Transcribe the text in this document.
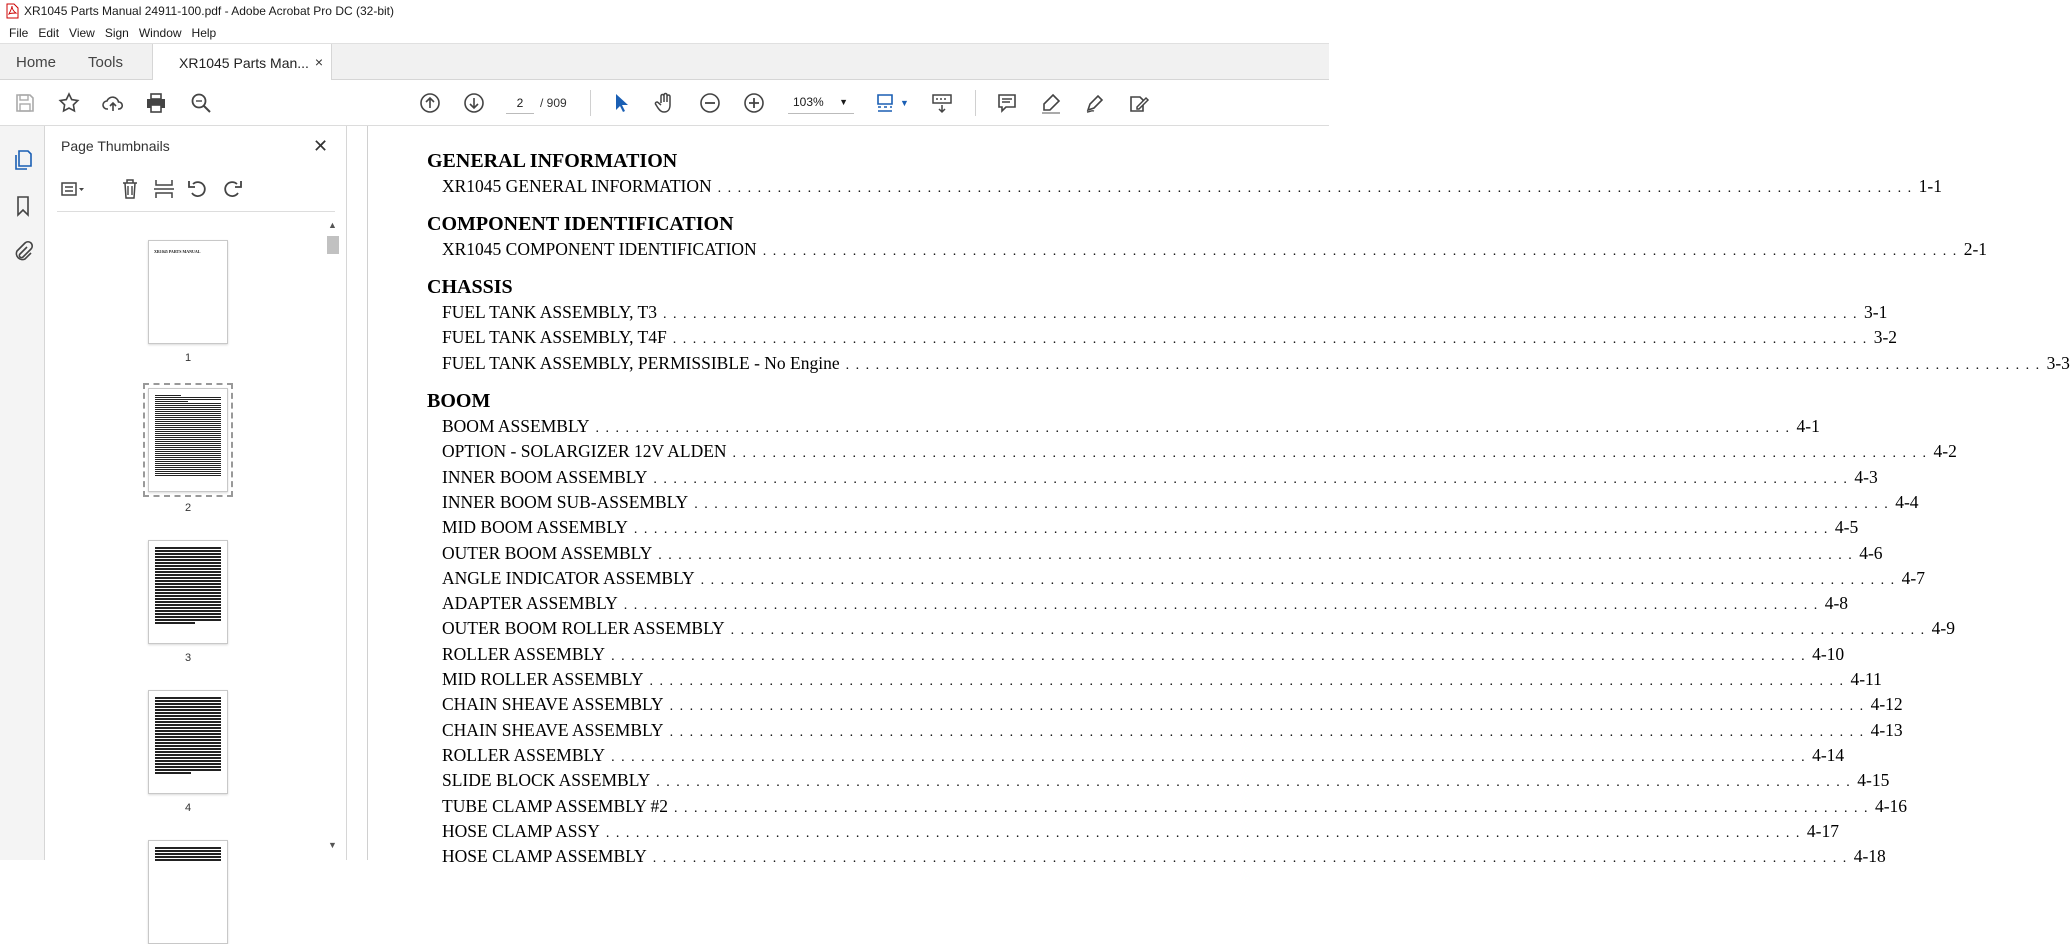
XR1045 Parts Manual 24911-100.pdf - Adobe Acrobat Pro DC (32-bit)
File Edit View Sign Window Help
Home Tools	XR1045 Parts Man... ×
2	/ 909	103% ▼	▼
Page Thumbnails	✕
XR1045 PARTS MANUAL
1
2
3
4
▲
▼
GENERAL INFORMATION
XR1045 GENERAL INFORMATION . . . . . . . . . . . . . . . . . . . . . . . . . . . . . . . . . . . . . . . . . . . . . . . . . . . . . . . . . . . . . . . . . . . . . . . . . . . . . . . . . . . . . . . . . . . . . . . . . . . . . . . . . . . . . . . . . . . . . . . . 1-1
COMPONENT IDENTIFICATION
XR1045 COMPONENT IDENTIFICATION . . . . . . . . . . . . . . . . . . . . . . . . . . . . . . . . . . . . . . . . . . . . . . . . . . . . . . . . . . . . . . . . . . . . . . . . . . . . . . . . . . . . . . . . . . . . . . . . . . . . . . . . . . . . . . . . . . . . . . . . 2-1
CHASSIS
FUEL TANK ASSEMBLY, T3 . . . . . . . . . . . . . . . . . . . . . . . . . . . . . . . . . . . . . . . . . . . . . . . . . . . . . . . . . . . . . . . . . . . . . . . . . . . . . . . . . . . . . . . . . . . . . . . . . . . . . . . . . . . . . . . . . . . . . . . . 3-1
FUEL TANK ASSEMBLY, T4F . . . . . . . . . . . . . . . . . . . . . . . . . . . . . . . . . . . . . . . . . . . . . . . . . . . . . . . . . . . . . . . . . . . . . . . . . . . . . . . . . . . . . . . . . . . . . . . . . . . . . . . . . . . . . . . . . . . . . . . . 3-2
FUEL TANK ASSEMBLY, PERMISSIBLE - No Engine . . . . . . . . . . . . . . . . . . . . . . . . . . . . . . . . . . . . . . . . . . . . . . . . . . . . . . . . . . . . . . . . . . . . . . . . . . . . . . . . . . . . . . . . . . . . . . . . . . . . . . . . . . . . . . . . . . . . . . . . 3-3
BOOM
BOOM ASSEMBLY . . . . . . . . . . . . . . . . . . . . . . . . . . . . . . . . . . . . . . . . . . . . . . . . . . . . . . . . . . . . . . . . . . . . . . . . . . . . . . . . . . . . . . . . . . . . . . . . . . . . . . . . . . . . . . . . . . . . . . . . 4-1
OPTION - SOLARGIZER 12V ALDEN . . . . . . . . . . . . . . . . . . . . . . . . . . . . . . . . . . . . . . . . . . . . . . . . . . . . . . . . . . . . . . . . . . . . . . . . . . . . . . . . . . . . . . . . . . . . . . . . . . . . . . . . . . . . . . . . . . . . . . . . 4-2
INNER BOOM ASSEMBLY . . . . . . . . . . . . . . . . . . . . . . . . . . . . . . . . . . . . . . . . . . . . . . . . . . . . . . . . . . . . . . . . . . . . . . . . . . . . . . . . . . . . . . . . . . . . . . . . . . . . . . . . . . . . . . . . . . . . . . . . 4-3
INNER BOOM SUB-ASSEMBLY . . . . . . . . . . . . . . . . . . . . . . . . . . . . . . . . . . . . . . . . . . . . . . . . . . . . . . . . . . . . . . . . . . . . . . . . . . . . . . . . . . . . . . . . . . . . . . . . . . . . . . . . . . . . . . . . . . . . . . . . 4-4
MID BOOM ASSEMBLY . . . . . . . . . . . . . . . . . . . . . . . . . . . . . . . . . . . . . . . . . . . . . . . . . . . . . . . . . . . . . . . . . . . . . . . . . . . . . . . . . . . . . . . . . . . . . . . . . . . . . . . . . . . . . . . . . . . . . . . . 4-5
OUTER BOOM ASSEMBLY . . . . . . . . . . . . . . . . . . . . . . . . . . . . . . . . . . . . . . . . . . . . . . . . . . . . . . . . . . . . . . . . . . . . . . . . . . . . . . . . . . . . . . . . . . . . . . . . . . . . . . . . . . . . . . . . . . . . . . . . 4-6
ANGLE INDICATOR ASSEMBLY . . . . . . . . . . . . . . . . . . . . . . . . . . . . . . . . . . . . . . . . . . . . . . . . . . . . . . . . . . . . . . . . . . . . . . . . . . . . . . . . . . . . . . . . . . . . . . . . . . . . . . . . . . . . . . . . . . . . . . . . 4-7
ADAPTER ASSEMBLY . . . . . . . . . . . . . . . . . . . . . . . . . . . . . . . . . . . . . . . . . . . . . . . . . . . . . . . . . . . . . . . . . . . . . . . . . . . . . . . . . . . . . . . . . . . . . . . . . . . . . . . . . . . . . . . . . . . . . . . . 4-8
OUTER BOOM ROLLER ASSEMBLY . . . . . . . . . . . . . . . . . . . . . . . . . . . . . . . . . . . . . . . . . . . . . . . . . . . . . . . . . . . . . . . . . . . . . . . . . . . . . . . . . . . . . . . . . . . . . . . . . . . . . . . . . . . . . . . . . . . . . . . . 4-9
ROLLER ASSEMBLY . . . . . . . . . . . . . . . . . . . . . . . . . . . . . . . . . . . . . . . . . . . . . . . . . . . . . . . . . . . . . . . . . . . . . . . . . . . . . . . . . . . . . . . . . . . . . . . . . . . . . . . . . . . . . . . . . . . . . . . . 4-10
MID ROLLER ASSEMBLY . . . . . . . . . . . . . . . . . . . . . . . . . . . . . . . . . . . . . . . . . . . . . . . . . . . . . . . . . . . . . . . . . . . . . . . . . . . . . . . . . . . . . . . . . . . . . . . . . . . . . . . . . . . . . . . . . . . . . . . . 4-11
CHAIN SHEAVE ASSEMBLY . . . . . . . . . . . . . . . . . . . . . . . . . . . . . . . . . . . . . . . . . . . . . . . . . . . . . . . . . . . . . . . . . . . . . . . . . . . . . . . . . . . . . . . . . . . . . . . . . . . . . . . . . . . . . . . . . . . . . . . . 4-12
CHAIN SHEAVE ASSEMBLY . . . . . . . . . . . . . . . . . . . . . . . . . . . . . . . . . . . . . . . . . . . . . . . . . . . . . . . . . . . . . . . . . . . . . . . . . . . . . . . . . . . . . . . . . . . . . . . . . . . . . . . . . . . . . . . . . . . . . . . . 4-13
ROLLER ASSEMBLY . . . . . . . . . . . . . . . . . . . . . . . . . . . . . . . . . . . . . . . . . . . . . . . . . . . . . . . . . . . . . . . . . . . . . . . . . . . . . . . . . . . . . . . . . . . . . . . . . . . . . . . . . . . . . . . . . . . . . . . . 4-14
SLIDE BLOCK ASSEMBLY . . . . . . . . . . . . . . . . . . . . . . . . . . . . . . . . . . . . . . . . . . . . . . . . . . . . . . . . . . . . . . . . . . . . . . . . . . . . . . . . . . . . . . . . . . . . . . . . . . . . . . . . . . . . . . . . . . . . . . . . 4-15
TUBE CLAMP ASSEMBLY #2 . . . . . . . . . . . . . . . . . . . . . . . . . . . . . . . . . . . . . . . . . . . . . . . . . . . . . . . . . . . . . . . . . . . . . . . . . . . . . . . . . . . . . . . . . . . . . . . . . . . . . . . . . . . . . . . . . . . . . . . . 4-16
HOSE CLAMP ASSY . . . . . . . . . . . . . . . . . . . . . . . . . . . . . . . . . . . . . . . . . . . . . . . . . . . . . . . . . . . . . . . . . . . . . . . . . . . . . . . . . . . . . . . . . . . . . . . . . . . . . . . . . . . . . . . . . . . . . . . . 4-17
HOSE CLAMP ASSEMBLY . . . . . . . . . . . . . . . . . . . . . . . . . . . . . . . . . . . . . . . . . . . . . . . . . . . . . . . . . . . . . . . . . . . . . . . . . . . . . . . . . . . . . . . . . . . . . . . . . . . . . . . . . . . . . . . . . . . . . . . . 4-18
